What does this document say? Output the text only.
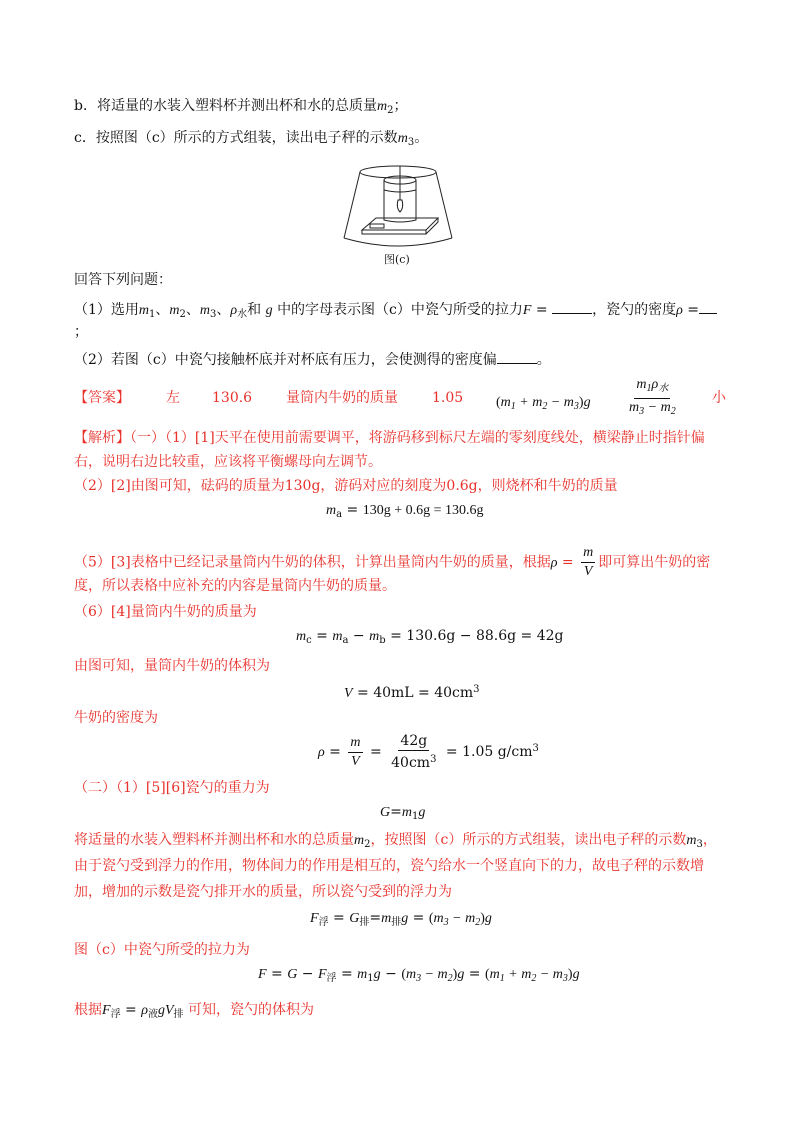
b．将适量的水装入塑料杯并测出杯和水的总质量$m_2$；
c．按照图（c）所示的方式组装，读出电子秤的示数$m_3$。
图(c)
回答下列问题：
（1）选用$m_1$、$m_2$、$m_3$、$\rho_水$和 g 中的字母表示图（c）中瓷勺所受的拉力F =	，瓷勺的密度ρ =
；
（2）若图（c）中瓷勺接触杯底并对杯底有压力，会使测得的密度偏	。
【答案】	左 130.6 量筒内牛奶的质量 1.05 $(m_1 + m_2 - m_3)g$	$\frac{m_1\rho_水}{m_3 - m_2}$ 小
【解析】（一）（1）[1]天平在使用前需要调平，将游码移到标尺左端的零刻度线处，横梁静止时指针偏
右，说明右边比较重，应该将平衡螺母向左调节。
（2）[2]由图可知，砝码的质量为130g，游码对应的刻度为0.6g，则烧杯和牛奶的质量
$m_a = 130g + 0.6g = 130.6g$
（5）[3]表格中已经记录量筒内牛奶的体积，计算出量筒内牛奶的质量，根据$\rho = \frac{m}{V}$ 即可算出牛奶的密
度，所以表格中应补充的内容是量筒内牛奶的质量。
（6）[4]量筒内牛奶的质量为
$m_c = m_a - m_b = 130.6g - 88.6g = 42g$
由图可知，量筒内牛奶的体积为
$V = 40mL = 40cm^3$
牛奶的密度为
$\rho = \frac{m}{V} = \frac{42g}{40cm^3} = 1.05$ $g/cm^3$
（二）（1）[5][6]瓷勺的重力为
$G=m_1g$
将适量的水装入塑料杯并测出杯和水的总质量$m_2$，按照图（c）所示的方式组装，读出电子秤的示数$m_3$，
由于瓷勺受到浮力的作用，物体间力的作用是相互的，瓷勺给水一个竖直向下的力，故电子秤的示数增
加，增加的示数是瓷勺排开水的质量，所以瓷勺受到的浮力为
$F_浮 = G_排=m_排g = (m_3 - m_2)g$
图（c）中瓷勺所受的拉力为
$F = G - F_浮 = m_1g - (m_3 - m_2)g = (m_1 + m_2 - m_3)g$
根据$F_浮 = \rho_液gV_排$ 可知，瓷勺的体积为
